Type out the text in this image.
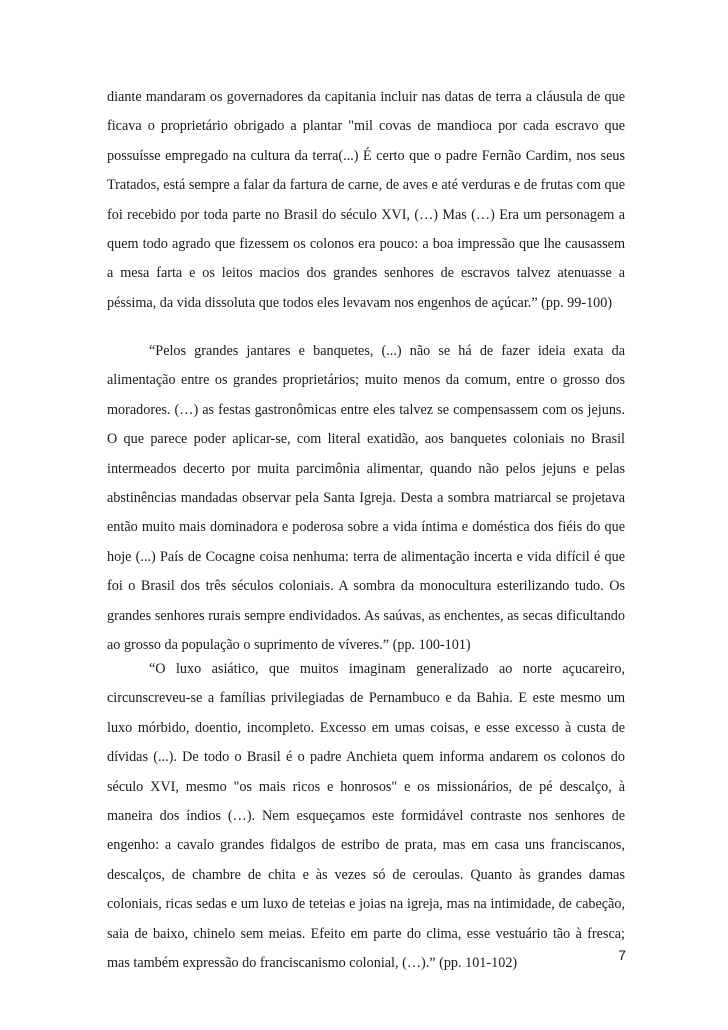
diante mandaram os governadores da capitania incluir nas datas de terra a cláusula de que ficava o proprietário obrigado a plantar "mil covas de mandioca por cada escravo que possuísse empregado na cultura da terra(...) É certo que o padre Fernão Cardim, nos seus Tratados, está sempre a falar da fartura de carne, de aves e até verduras e de frutas com que foi recebido por toda parte no Brasil do século XVI, (…) Mas (…) Era um personagem a quem todo agrado que fizessem os colonos era pouco: a boa impressão que lhe causassem a mesa farta e os leitos macios dos grandes senhores de escravos talvez atenuasse a péssima, da vida dissoluta que todos eles levavam nos engenhos de açúcar.” (pp. 99-100)

“Pelos grandes jantares e banquetes, (...) não se há de fazer ideia exata da alimentação entre os grandes proprietários; muito menos da comum, entre o grosso dos moradores. (…) as festas gastronômicas entre eles talvez se compensassem com os jejuns. O que parece poder aplicar-se, com literal exatidão, aos banquetes coloniais no Brasil intermeados decerto por muita parcimônia alimentar, quando não pelos jejuns e pelas abstinências mandadas observar pela Santa Igreja. Desta a sombra matriarcal se projetava então muito mais dominadora e poderosa sobre a vida íntima e doméstica dos fiéis do que hoje (...) País de Cocagne coisa nenhuma: terra de alimentação incerta e vida difícil é que foi o Brasil dos três séculos coloniais. A sombra da monocultura esterilizando tudo. Os grandes senhores rurais sempre endividados. As saúvas, as enchentes, as secas dificultando ao grosso da população o suprimento de víveres.” (pp. 100-101)

“O luxo asiático, que muitos imaginam generalizado ao norte açucareiro, circunscreveu-se a famílias privilegiadas de Pernambuco e da Bahia. E este mesmo um luxo mórbido, doentio, incompleto. Excesso em umas coisas, e esse excesso à custa de dívidas (...). De todo o Brasil é o padre Anchieta quem informa andarem os colonos do século XVI, mesmo "os mais ricos e honrosos" e os missionários, de pé descalço, à maneira dos índios (…). Nem esqueçamos este formidável contraste nos senhores de engenho: a cavalo grandes fidalgos de estribo de prata, mas em casa uns franciscanos, descalços, de chambre de chita e às vezes só de ceroulas. Quanto às grandes damas coloniais, ricas sedas e um luxo de teteias e joias na igreja, mas na intimidade, de cabeção, saia de baixo, chinelo sem meias. Efeito em parte do clima, esse vestuário tão à fresca; mas também expressão do franciscanismo colonial, (…).” (pp. 101-102)

7
